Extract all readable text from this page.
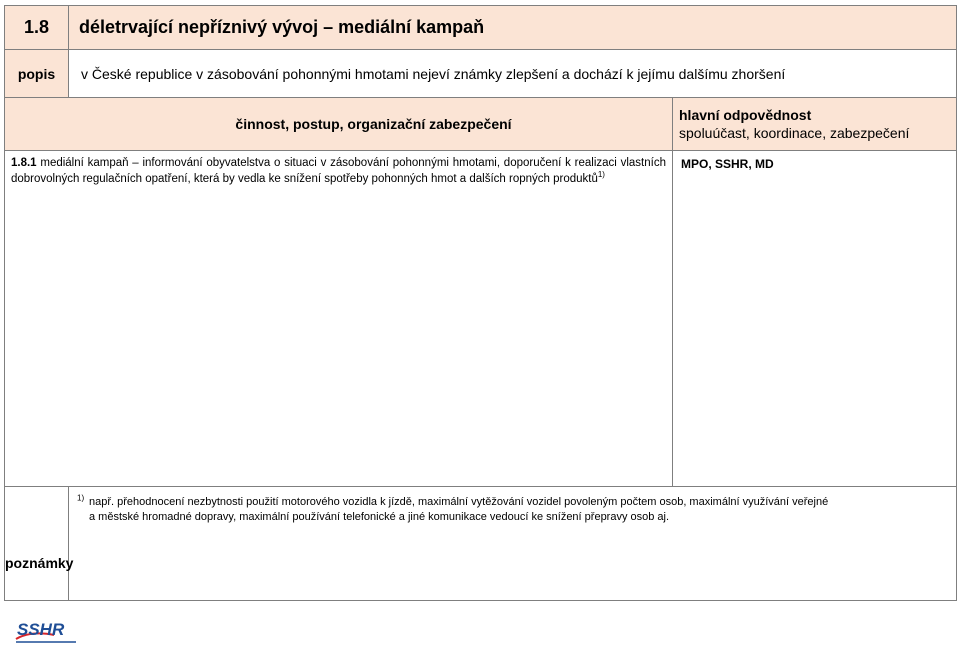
1.8	déletrvající nepříznivý vývoj – mediální kampaň	
popis	v České republice v zásobování pohonnými hmotami nejeví známky zlepšení a dochází k jejímu dalšímu zhoršení	
činnost, postup, organizační zabezpečení		hlavní odpovědnost
spoluúčast, koordinace, zabezpečení

1.8.1 mediální kampaň – informování obyvatelstva o situaci v zásobování pohonnými hmotami, doporučení k realizaci vlastních dobrovolných regulačních opatření, která by vedla ke snížení spotřeby pohonných hmot a dalších ropných produktů$^{1)}$		MPO, SSHR, MD
poznámky	$^{1)}$ např. přehodnocení nezbytnosti použití motorového vozidla k jízdě, maximální vytěžování vozidel povoleným počtem osob, maximální využívání veřejné
a městské hromadné dopravy, maximální používání telefonické a jiné komunikace vedoucí ke snížení přepravy osob aj.	
SSHR
